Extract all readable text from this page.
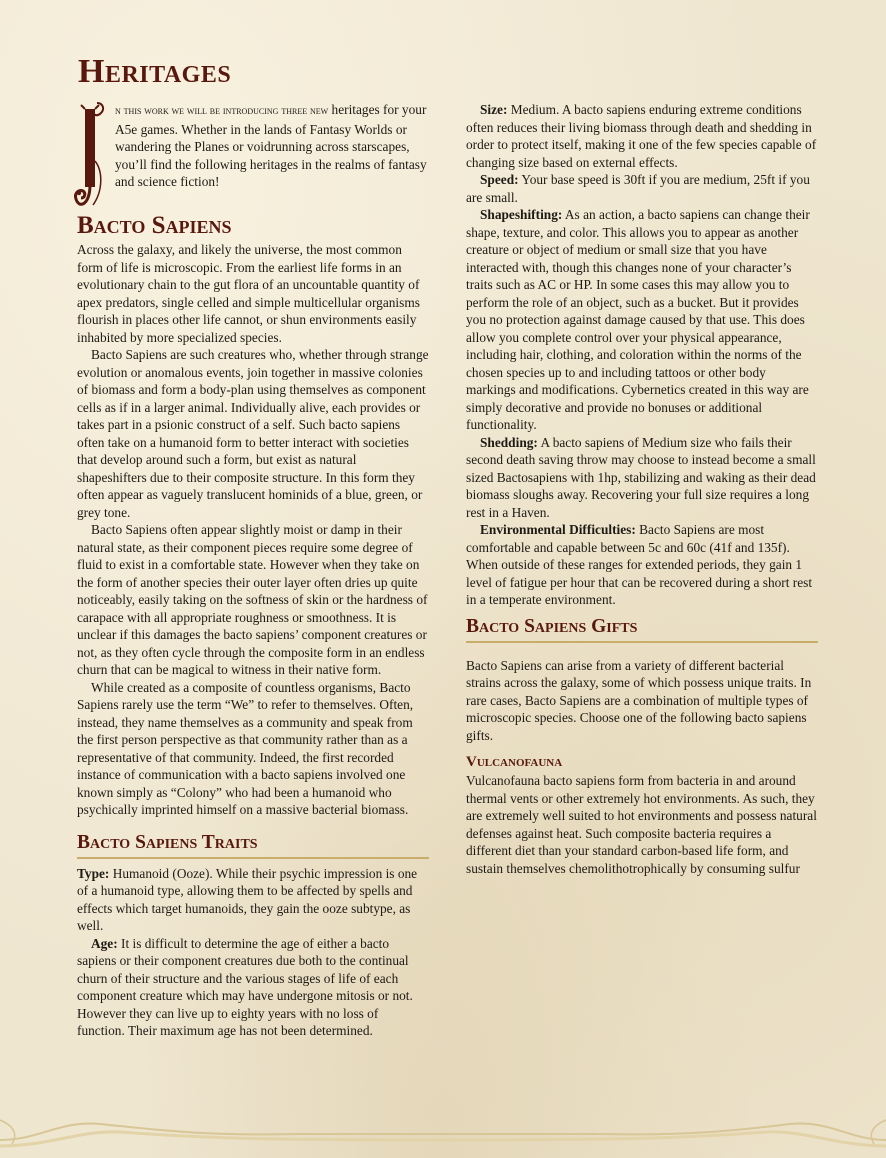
Heritages

n this work we will be introducing three new heritages for your A5e games. Whether in the lands of Fantasy Worlds or wandering the Planes or voidrunning across starscapes, you’ll find the following heritages in the realms of fantasy and science fiction!

Bacto Sapiens

Across the galaxy, and likely the universe, the most common form of life is microscopic. From the earliest life forms in an evolutionary chain to the gut flora of an uncountable quantity of apex predators, single celled and simple multicellular organisms flourish in places other life cannot, or shun environments easily inhabited by more specialized species.

Bacto Sapiens are such creatures who, whether through strange evolution or anomalous events, join together in massive colonies of biomass and form a body-plan using themselves as component cells as if in a larger animal. Individually alive, each provides or takes part in a psionic construct of a self. Such bacto sapiens often take on a humanoid form to better interact with societies that develop around such a form, but exist as natural shapeshifters due to their composite structure. In this form they often appear as vaguely translucent hominids of a blue, green, or grey tone.

Bacto Sapiens often appear slightly moist or damp in their natural state, as their component pieces require some degree of fluid to exist in a comfortable state. However when they take on the form of another species their outer layer often dries up quite noticeably, easily taking on the softness of skin or the hardness of carapace with all appropriate roughness or smoothness. It is unclear if this damages the bacto sapiens’ component creatures or not, as they often cycle through the composite form in an endless churn that can be magical to witness in their native form.

While created as a composite of countless organisms, Bacto Sapiens rarely use the term “We” to refer to themselves. Often, instead, they name themselves as a community and speak from the first person perspective as that community rather than as a representative of that community. Indeed, the first recorded instance of communication with a bacto sapiens involved one known simply as “Colony” who had been a humanoid who psychically imprinted himself on a massive bacterial biomass.

Bacto Sapiens Traits

Type: Humanoid (Ooze). While their psychic impression is one of a humanoid type, allowing them to be affected by spells and effects which target humanoids, they gain the ooze subtype, as well.

Age: It is difficult to determine the age of either a bacto sapiens or their component creatures due both to the continual churn of their structure and the various stages of life of each component creature which may have undergone mitosis or not. However they can live up to eighty years with no loss of function. Their maximum age has not been determined.

Size: Medium. A bacto sapiens enduring extreme conditions often reduces their living biomass through death and shedding in order to protect itself, making it one of the few species capable of changing size based on external effects.

Speed: Your base speed is 30ft if you are medium, 25ft if you are small.

Shapeshifting: As an action, a bacto sapiens can change their shape, texture, and color. This allows you to appear as another creature or object of medium or small size that you have interacted with, though this changes none of your character’s traits such as AC or HP. In some cases this may allow you to perform the role of an object, such as a bucket. But it provides you no protection against damage caused by that use. This does allow you complete control over your physical appearance, including hair, clothing, and coloration within the norms of the chosen species up to and including tattoos or other body markings and modifications. Cybernetics created in this way are simply decorative and provide no bonuses or additional functionality.

Shedding: A bacto sapiens of Medium size who fails their second death saving throw may choose to instead become a small sized Bactosapiens with 1hp, stabilizing and waking as their dead biomass sloughs away. Recovering your full size requires a long rest in a Haven.

Environmental Difficulties: Bacto Sapiens are most comfortable and capable between 5c and 60c (41f and 135f). When outside of these ranges for extended periods, they gain 1 level of fatigue per hour that can be recovered during a short rest in a temperate environment.

Bacto Sapiens Gifts

Bacto Sapiens can arise from a variety of different bacterial strains across the galaxy, some of which possess unique traits. In rare cases, Bacto Sapiens are a combination of multiple types of microscopic species. Choose one of the following bacto sapiens gifts.

Vulcanofauna

Vulcanofauna bacto sapiens form from bacteria in and around thermal vents or other extremely hot environments. As such, they are extremely well suited to hot environments and possess natural defenses against heat. Such composite bacteria requires a different diet than your standard carbon-based life form, and sustain themselves chemolithotrophically by consuming sulfur
